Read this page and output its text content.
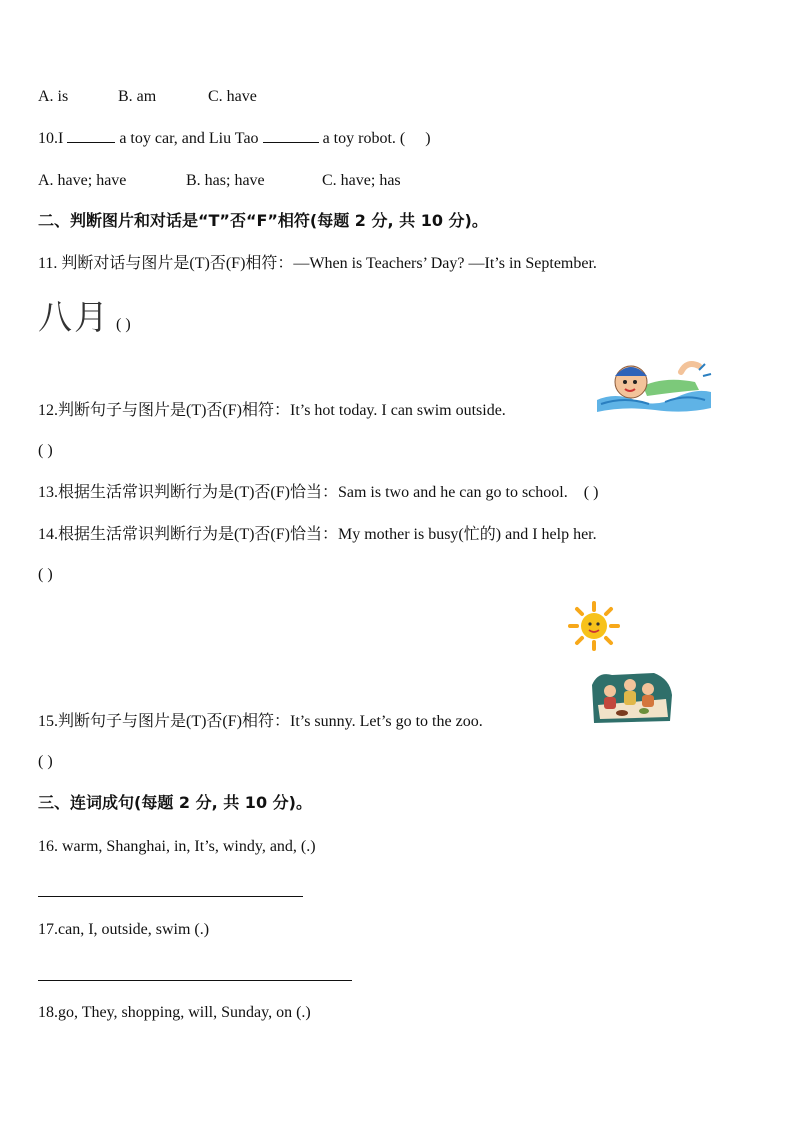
A. is	B. am	C. have
10.I	a toy car, and Liu Tao	a toy robot. ( )
A. have; have	B. has; have	C. have; has
二、判断图片和对话是“T”否“F”相符(每题 2 分, 共 10 分)。
11. 判断对话与图片是(T)否(F)相符：—When is Teachers’ Day? —It’s in September.
八月 ( )
12.判断句子与图片是(T)否(F)相符：It’s hot today. I can swim outside.
( )
13.根据生活常识判断行为是(T)否(F)恰当：Sam is two and he can go to school. ( )
14.根据生活常识判断行为是(T)否(F)恰当：My mother is busy(忙的) and I help her.
( )
15.判断句子与图片是(T)否(F)相符：It’s sunny. Let’s go to the zoo.
( )
三、连词成句(每题 2 分, 共 10 分)。
16. warm, Shanghai, in, It’s, windy, and, (.)
17.can, I, outside, swim (.)
18.go, They, shopping, will, Sunday, on (.)
